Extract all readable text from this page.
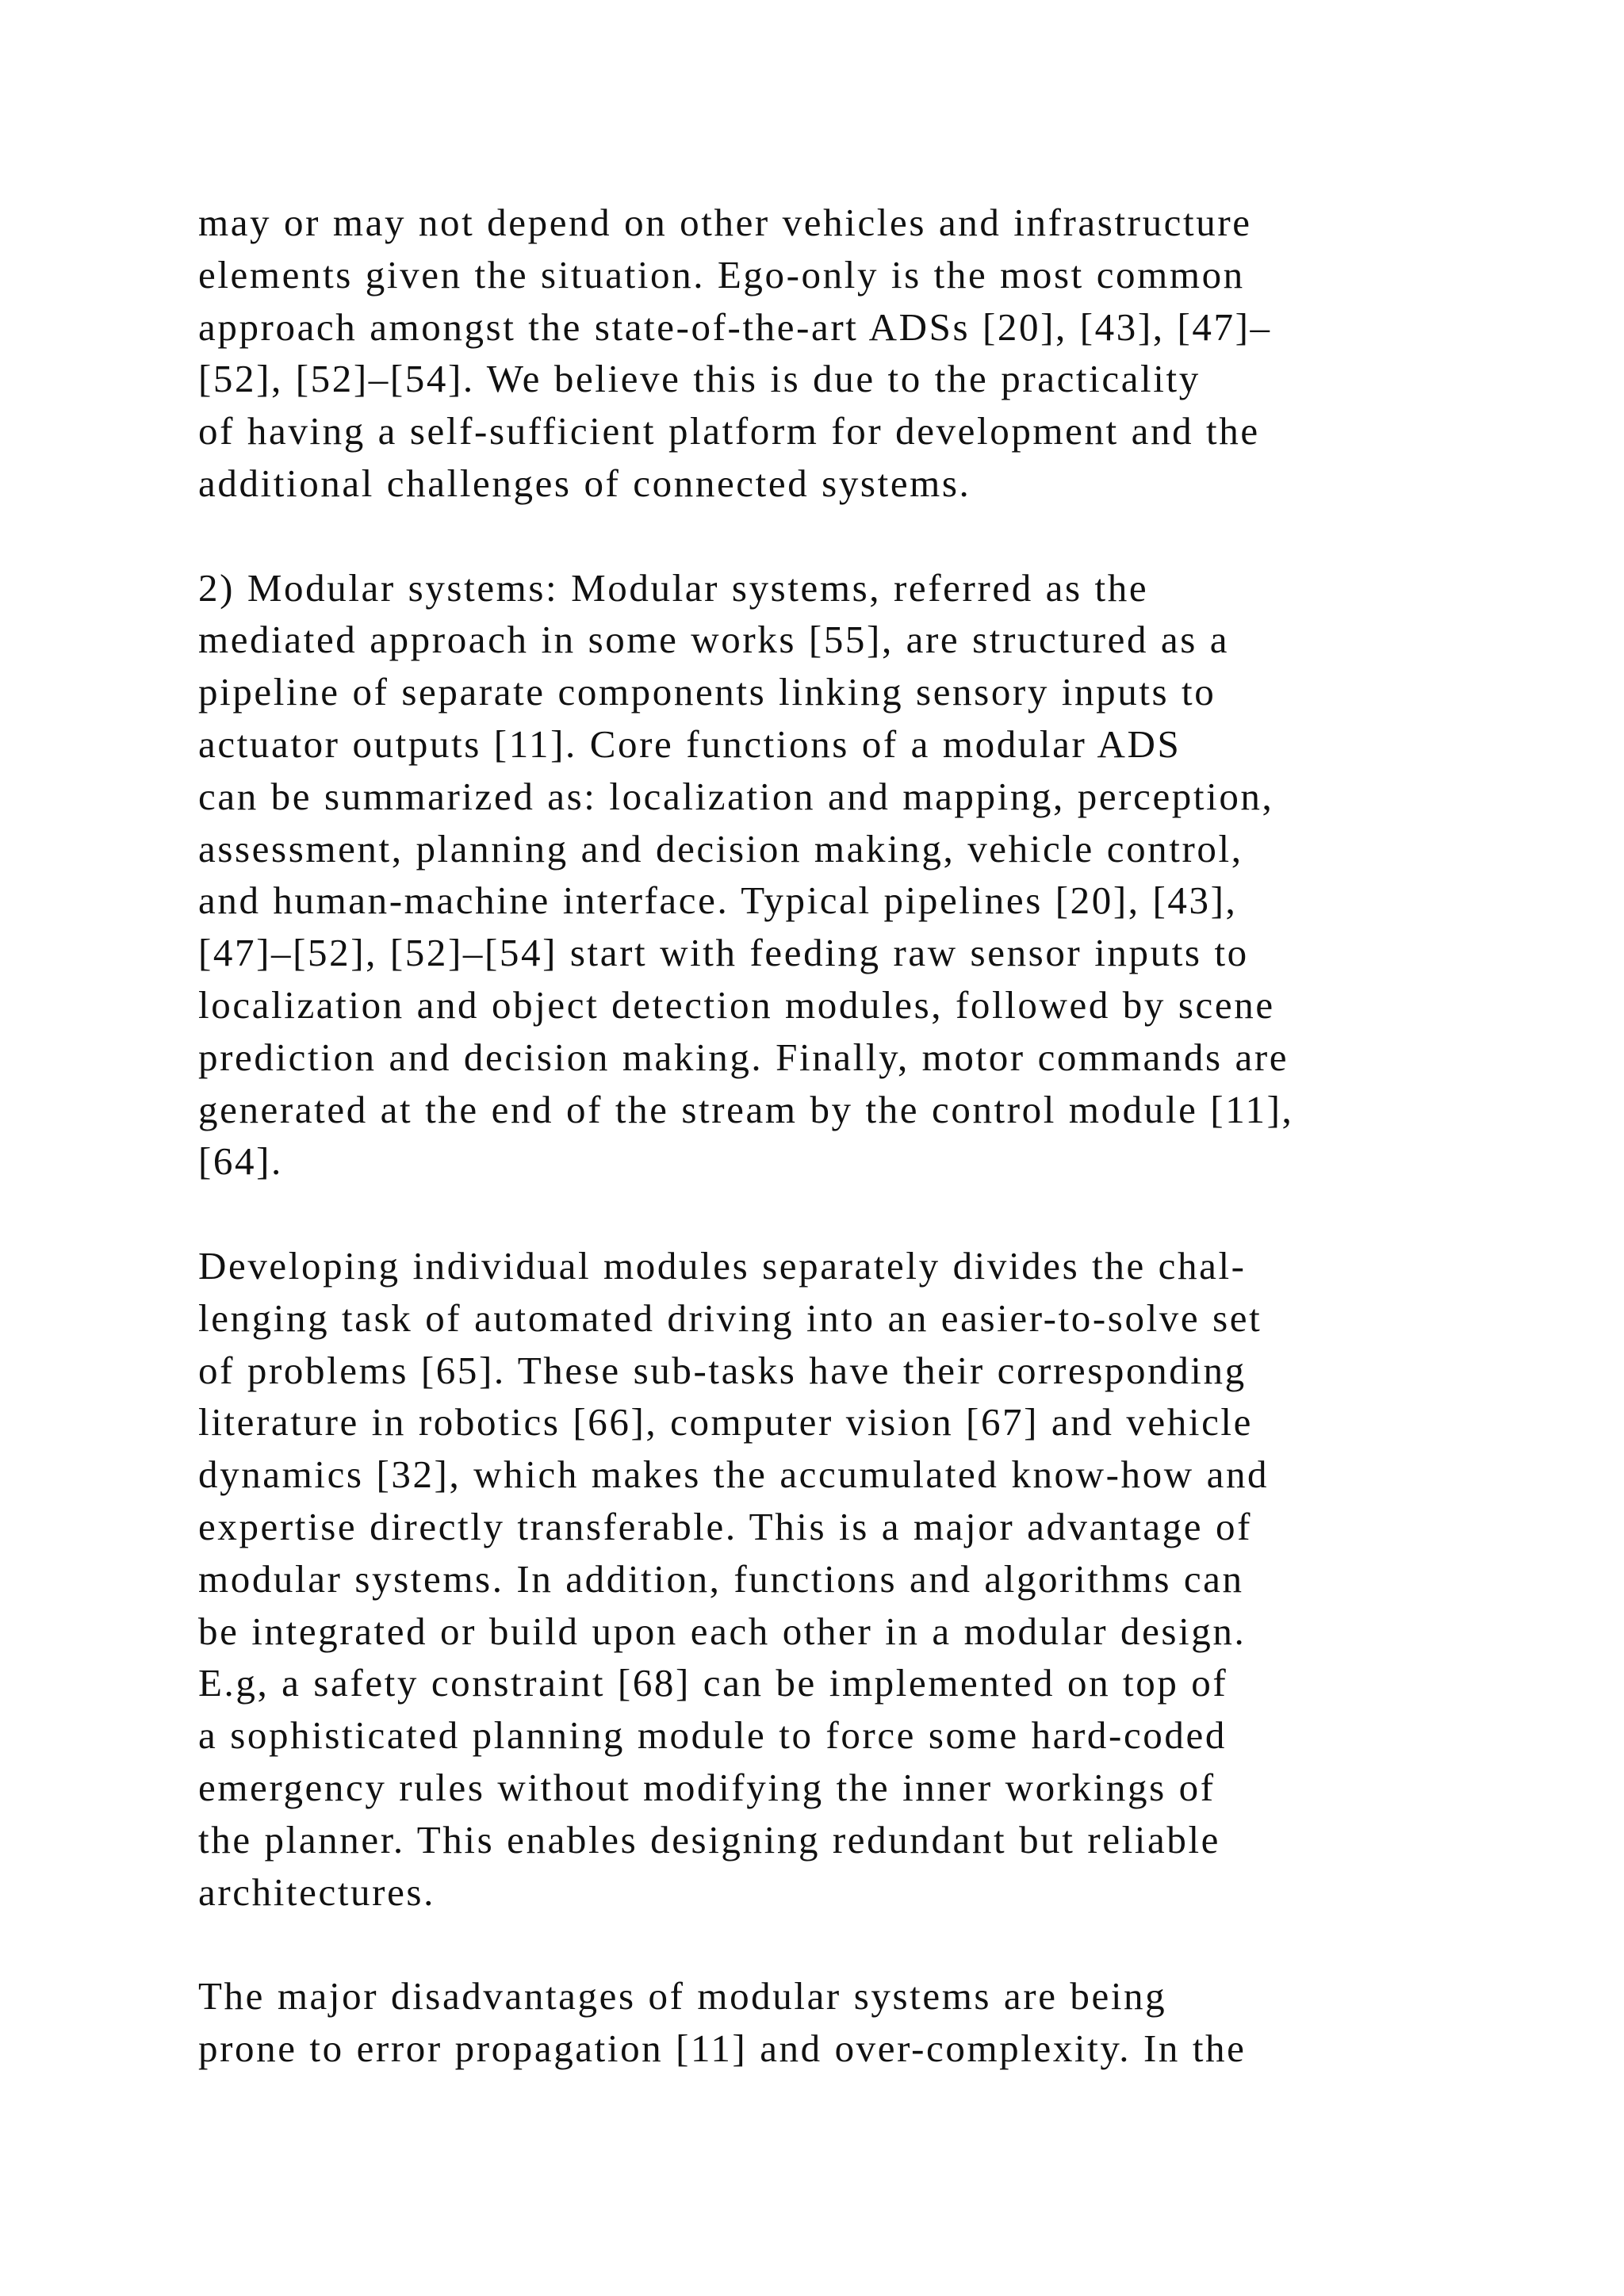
may or may not depend on other vehicles and infrastructure
elements given the situation. Ego-only is the most common
approach amongst the state-of-the-art ADSs [20], [43], [47]–
[52], [52]–[54]. We believe this is due to the practicality
of having a self-sufficient platform for development and the
additional challenges of connected systems.

2) Modular systems: Modular systems, referred as the
mediated approach in some works [55], are structured as a
pipeline of separate components linking sensory inputs to
actuator outputs [11]. Core functions of a modular ADS
can be summarized as: localization and mapping, perception,
assessment, planning and decision making, vehicle control,
and human-machine interface. Typical pipelines [20], [43],
[47]–[52], [52]–[54] start with feeding raw sensor inputs to
localization and object detection modules, followed by scene
prediction and decision making. Finally, motor commands are
generated at the end of the stream by the control module [11],
[64].

Developing individual modules separately divides the chal-
lenging task of automated driving into an easier-to-solve set
of problems [65]. These sub-tasks have their corresponding
literature in robotics [66], computer vision [67] and vehicle
dynamics [32], which makes the accumulated know-how and
expertise directly transferable. This is a major advantage of
modular systems. In addition, functions and algorithms can
be integrated or build upon each other in a modular design.
E.g, a safety constraint [68] can be implemented on top of
a sophisticated planning module to force some hard-coded
emergency rules without modifying the inner workings of
the planner. This enables designing redundant but reliable
architectures.

The major disadvantages of modular systems are being
prone to error propagation [11] and over-complexity. In the
